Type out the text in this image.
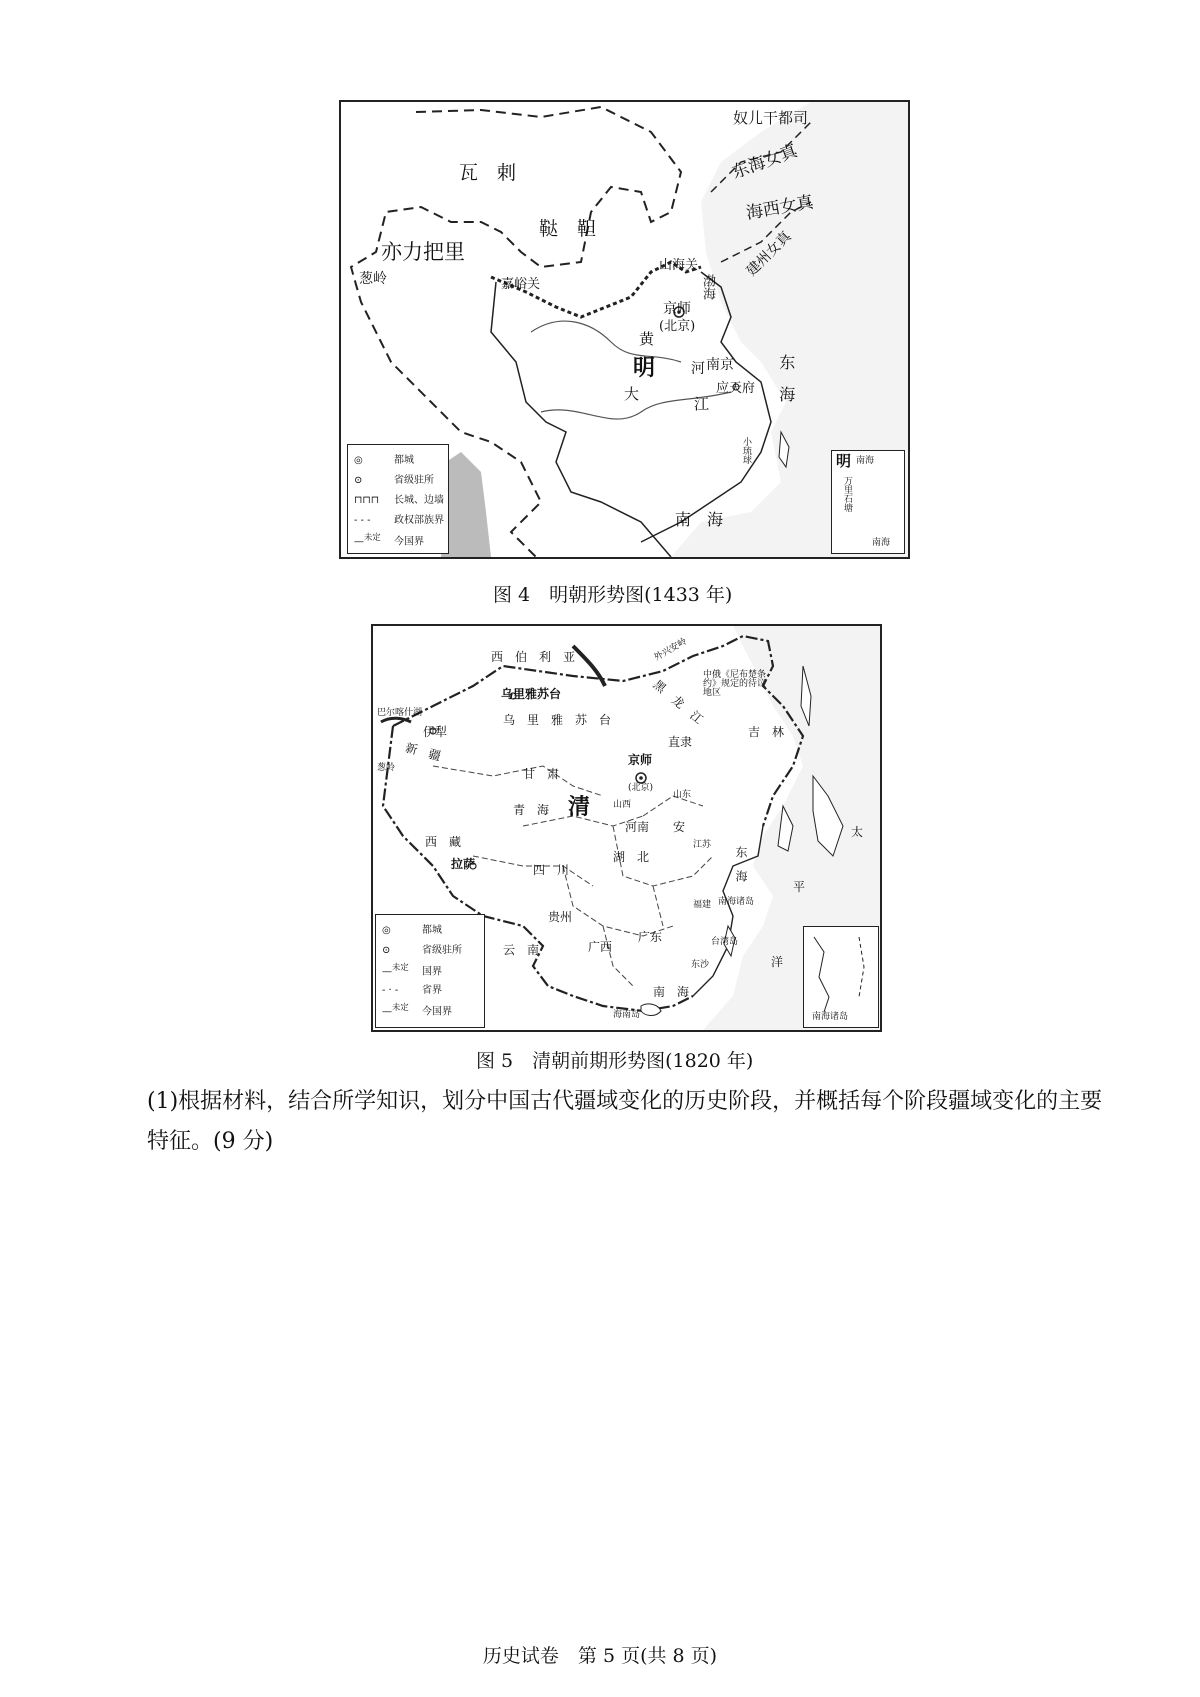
奴儿干都司
东海女真
海西女真
建州女真
瓦　剌
鞑　靼
亦力把里
葱岭	嘉峪关
山海关
渤海
京师
(北京)
黄
河
明
大
江
南京
应天府	东　海
小琉球
南　海
◎	都城
⊙	省级驻所
⊓⊓⊓ 长城、边墙
- - - 政权部族界
—$^{未定}$ 今国界
明 南海
万里石塘
南海
图 4　明朝形势图(1433 年)
西　伯　利　亚	外兴安岭
中俄《尼布楚条约》规定的待议地区
巴尔喀什湖
乌里雅苏台
乌　里　雅　苏　台	黑　龙　江
吉　林
伊犁
新　疆
葱岭
京师
(北京)
直隶
甘　肃
青　海 清	山西
河南 安
山东
西　藏
拉萨	四　川
湖　北
江苏
贵州
云　南	广西
广东
福建
台湾岛
东沙
南　海
海南岛
东　海
太
平
洋
南海诸岛
◎	都城
⊙	省级驻所
—$^{未定}$ 国界
- · - 省界
—$^{未定}$ 今国界	南海诸岛
图 5　清朝前期形势图(1820 年)
(1)根据材料，结合所学知识，划分中国古代疆域变化的历史阶段，并概括每个阶段疆域变化的主要特征。(9 分)
历史试卷　第 5 页(共 8 页)
